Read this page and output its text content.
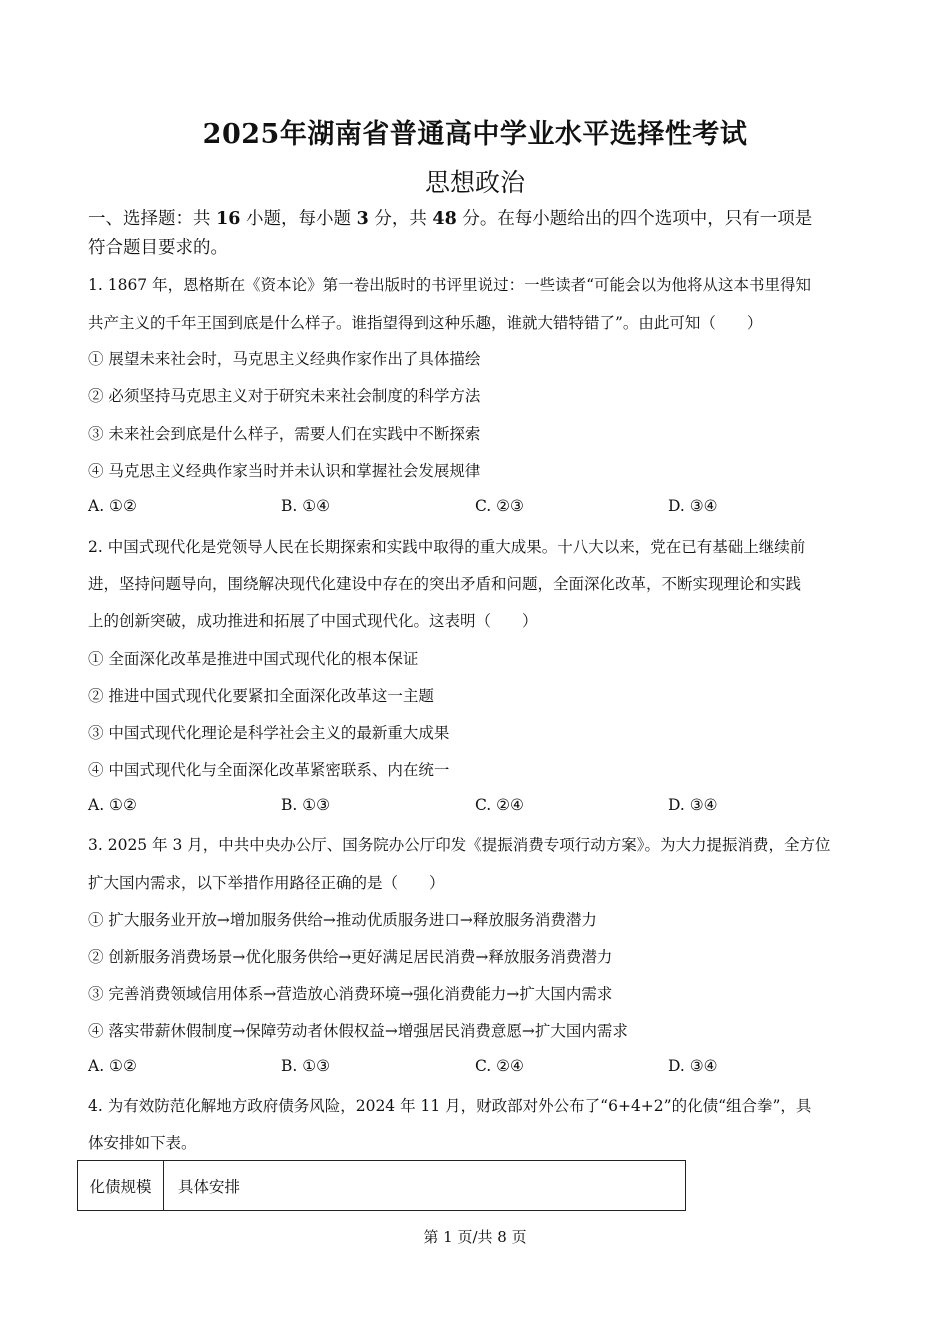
2025年湖南省普通高中学业水平选择性考试
思想政治
一、选择题：共 16 小题，每小题 3 分，共 48 分。在每小题给出的四个选项中，只有一项是
符合题目要求的。
1. 1867 年，恩格斯在《资本论》第一卷出版时的书评里说过：一些读者“可能会以为他将从这本书里得知
共产主义的千年王国到底是什么样子。谁指望得到这种乐趣，谁就大错特错了”。由此可知（　　）
① 展望未来社会时，马克思主义经典作家作出了具体描绘
② 必须坚持马克思主义对于研究未来社会制度的科学方法
③ 未来社会到底是什么样子，需要人们在实践中不断探索
④ 马克思主义经典作家当时并未认识和掌握社会发展规律
A. ①②	B. ①④	C. ②③	D. ③④
2. 中国式现代化是党领导人民在长期探索和实践中取得的重大成果。十八大以来，党在已有基础上继续前
进，坚持问题导向，围绕解决现代化建设中存在的突出矛盾和问题，全面深化改革，不断实现理论和实践
上的创新突破，成功推进和拓展了中国式现代化。这表明（　　）
① 全面深化改革是推进中国式现代化的根本保证
② 推进中国式现代化要紧扣全面深化改革这一主题
③ 中国式现代化理论是科学社会主义的最新重大成果
④ 中国式现代化与全面深化改革紧密联系、内在统一
A. ①②	B. ①③	C. ②④	D. ③④
3. 2025 年 3 月，中共中央办公厅、国务院办公厅印发《提振消费专项行动方案》。为大力提振消费，全方位
扩大国内需求，以下举措作用路径正确的是（　　）
① 扩大服务业开放→增加服务供给→推动优质服务进口→释放服务消费潜力
② 创新服务消费场景→优化服务供给→更好满足居民消费→释放服务消费潜力
③ 完善消费领域信用体系→营造放心消费环境→强化消费能力→扩大国内需求
④ 落实带薪休假制度→保障劳动者休假权益→增强居民消费意愿→扩大国内需求
A. ①②	B. ①③	C. ②④	D. ③④
4. 为有效防范化解地方政府债务风险，2024 年 11 月，财政部对外公布了“6+4+2”的化债“组合拳”，具
体安排如下表。
化债规模	具体安排
第 1 页/共 8 页
